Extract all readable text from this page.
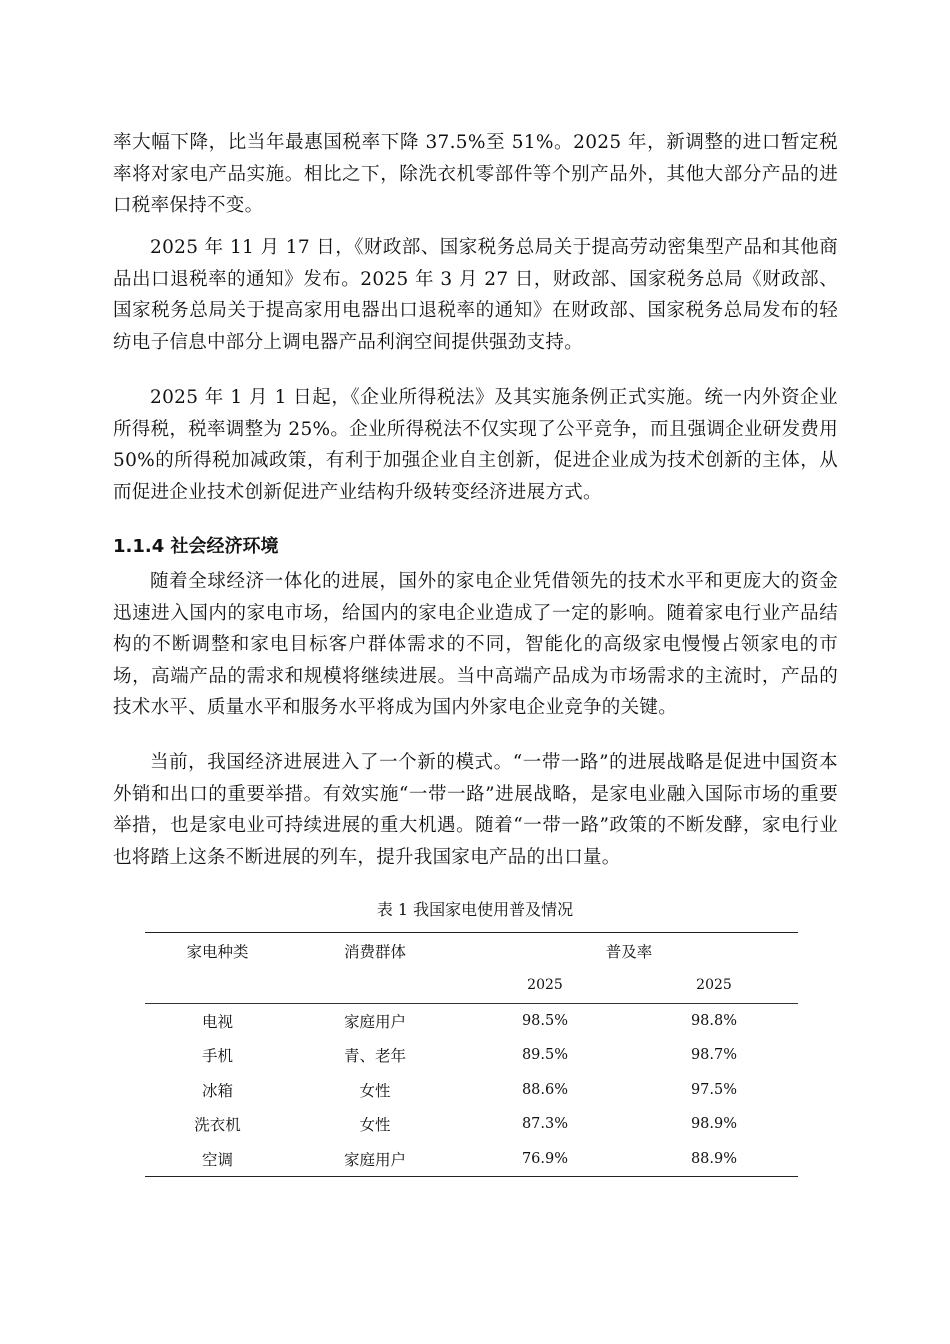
率大幅下降，比当年最惠国税率下降 37.5%至 51%。2025 年，新调整的进口暂定税率将对家电产品实施。相比之下，除洗衣机零部件等个别产品外，其他大部分产品的进口税率保持不变。

2025 年 11 月 17 日，《财政部、国家税务总局关于提高劳动密集型产品和其他商品出口退税率的通知》发布。2025 年 3 月 27 日，财政部、国家税务总局《财政部、国家税务总局关于提高家用电器出口退税率的通知》在财政部、国家税务总局发布的轻纺电子信息中部分上调电器产品利润空间提供强劲支持。

2025 年 1 月 1 日起，《企业所得税法》及其实施条例正式实施。统一内外资企业所得税，税率调整为 25%。企业所得税法不仅实现了公平竞争，而且强调企业研发费用 50%的所得税加减政策，有利于加强企业自主创新，促进企业成为技术创新的主体，从而促进企业技术创新促进产业结构升级转变经济进展方式。

1.1.4 社会经济环境

随着全球经济一体化的进展，国外的家电企业凭借领先的技术水平和更庞大的资金迅速进入国内的家电市场，给国内的家电企业造成了一定的影响。随着家电行业产品结构的不断调整和家电目标客户群体需求的不同，智能化的高级家电慢慢占领家电的市场，高端产品的需求和规模将继续进展。当中高端产品成为市场需求的主流时，产品的技术水平、质量水平和服务水平将成为国内外家电企业竞争的关键。

当前，我国经济进展进入了一个新的模式。“一带一路”的进展战略是促进中国资本外销和出口的重要举措。有效实施“一带一路”进展战略，是家电业融入国际市场的重要举措，也是家电业可持续进展的重大机遇。随着“一带一路”政策的不断发酵，家电行业也将踏上这条不断进展的列车，提升我国家电产品的出口量。

表 1 我国家电使用普及情况
家电种类	消费群体	普及率	
		2025	2025
电视	家庭用户	98.5%	98.8%
手机	青、老年	89.5%	98.7%
冰箱	女性	88.6%	97.5%
洗衣机	女性	87.3%	98.9%
空调	家庭用户	76.9%	88.9%
